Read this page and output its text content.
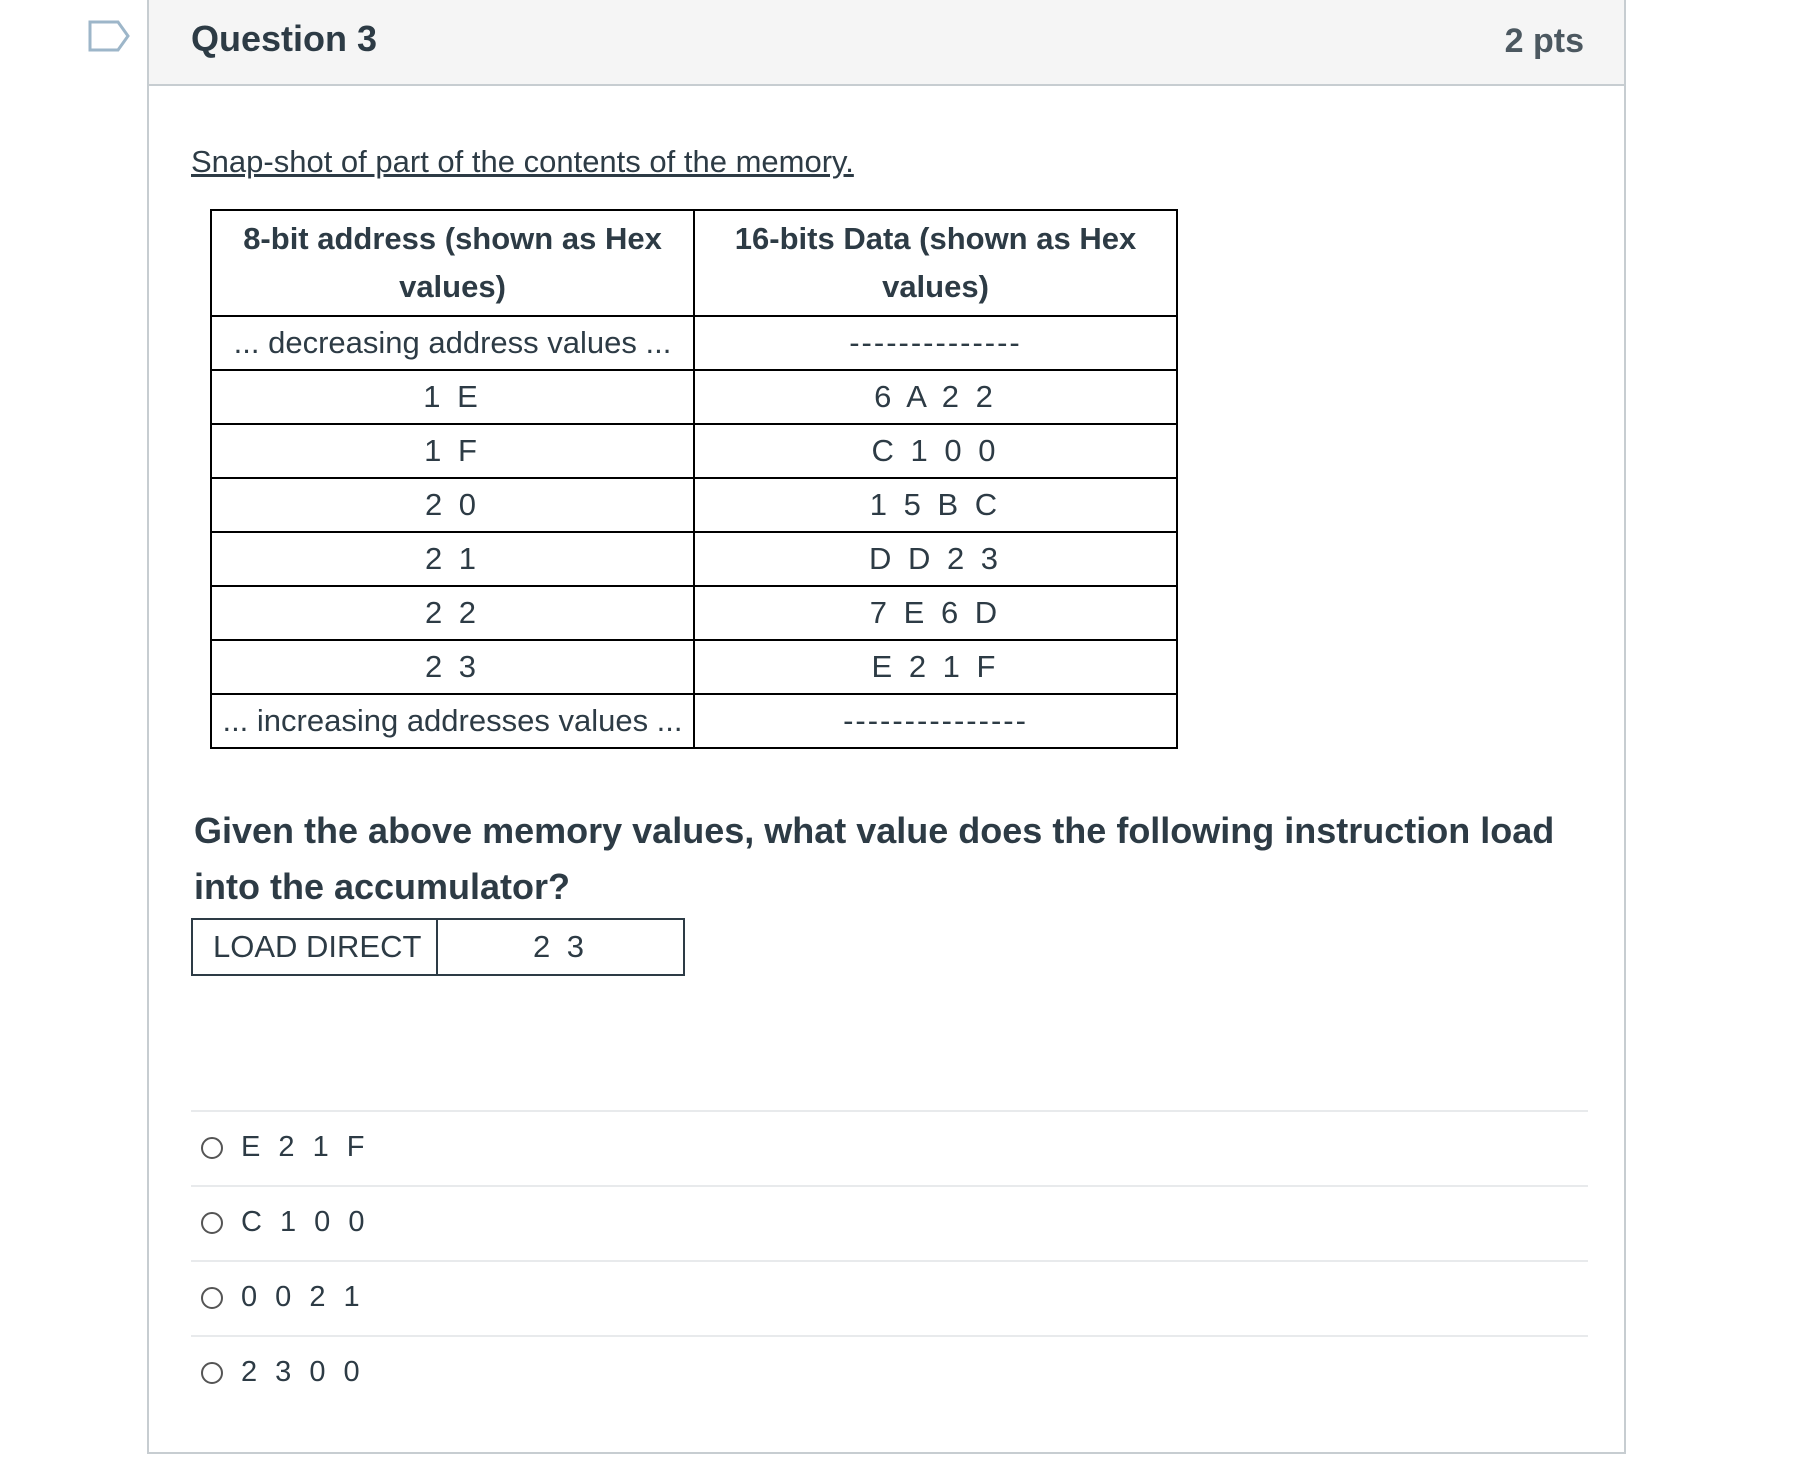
Question 3	2 pts
Snap-shot of part of the contents of the memory.
8-bit address (shown as Hex values)	16-bits Data (shown as Hex values)
... decreasing address values ...	--------------
1 E	6 A 2 2
1 F	C 1 0 0
2 0	1 5 B C
2 1	D D 2 3
2 2	7 E 6 D
2 3	E 2 1 F
... increasing addresses values ...	---------------

Given the above memory values, what value does the following instruction load into the accumulator?

LOAD DIRECT	2 3
E 2 1 F
C 1 0 0
0 0 2 1
2 3 0 0
